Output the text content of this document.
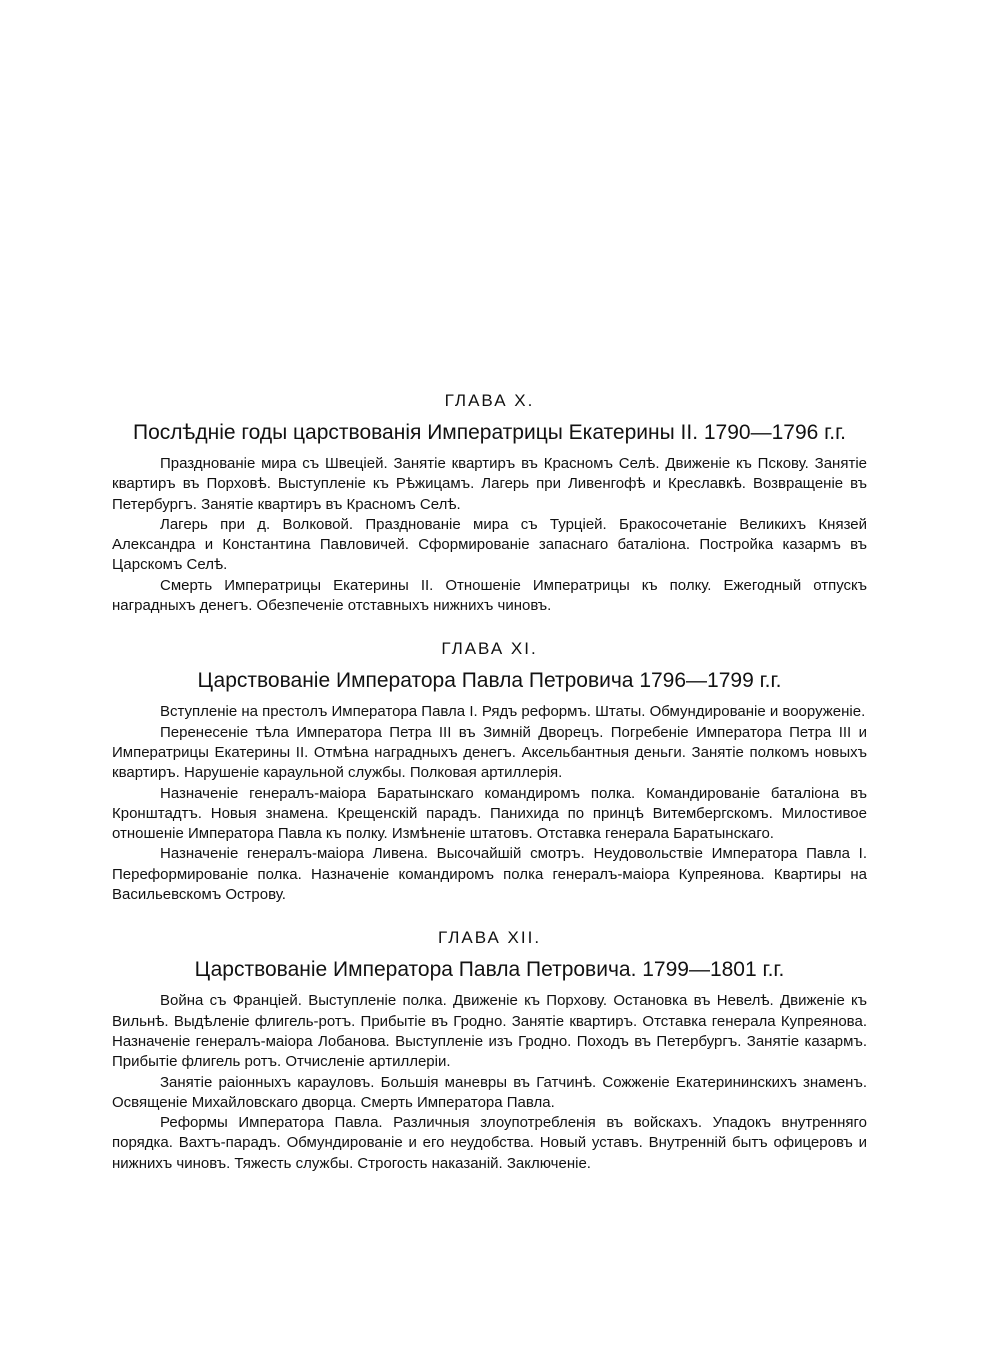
ГЛАВА X.
Послѣдніе годы царствованія Императрицы Екатерины II. 1790—1796 г.г.

Празднованіе мира съ Швеціей. Занятіе квартиръ въ Красномъ Селѣ. Движеніе къ Пскову. Занятіе квартиръ въ Порховѣ. Выступленіе къ Рѣжицамъ. Лагерь при Ливенгофѣ и Креславкѣ. Возвращеніе въ Петербургъ. Занятіе квартиръ въ Красномъ Селѣ.

Лагерь при д. Волковой. Празднованіе мира съ Турціей. Бракосочетаніе Великихъ Князей Александра и Константина Павловичей. Сформированіе запаснаго баталіона. Постройка казармъ въ Царскомъ Селѣ.

Смерть Императрицы Екатерины II. Отношеніе Императрицы къ полку. Ежегодный отпускъ наградныхъ денегъ. Обезпеченіе отставныхъ нижнихъ чиновъ.

ГЛАВА XI.
Царствованіе Императора Павла Петровича 1796—1799 г.г.

Вступленіе на престолъ Императора Павла I. Рядъ реформъ. Штаты. Обмундированіе и вооруженіе.

Перенесеніе тѣла Императора Петра III въ Зимній Дворецъ. Погребеніе Императора Петра III и Императрицы Екатерины II. Отмѣна наградныхъ денегъ. Аксельбантныя деньги. Занятіе полкомъ новыхъ квартиръ. Нарушеніе караульной службы. Полковая артиллерія.

Назначеніе генералъ-маіора Баратынскаго командиромъ полка. Командированіе баталіона въ Кронштадтъ. Новыя знамена. Крещенскій парадъ. Панихида по принцѣ Витембергскомъ. Милостивое отношеніе Императора Павла къ полку. Измѣненіе штатовъ. Отставка генерала Баратынскаго.

Назначеніе генералъ-маіора Ливена. Высочайшій смотръ. Неудовольствіе Императора Павла I. Переформированіе полка. Назначеніе командиромъ полка генералъ-маіора Купреянова. Квартиры на Васильевскомъ Острову.

ГЛАВА XII.
Царствованіе Императора Павла Петровича. 1799—1801 г.г.

Война съ Франціей. Выступленіе полка. Движеніе къ Порхову. Остановка въ Невелѣ. Движеніе къ Вильнѣ. Выдѣленіе флигель-ротъ. Прибытіе въ Гродно. Занятіе квартиръ. Отставка генерала Купреянова. Назначеніе генералъ-маіора Лобанова. Выступленіе изъ Гродно. Походъ въ Петербургъ. Занятіе казармъ. Прибытіе флигель ротъ. Отчисленіе артиллеріи.

Занятіе раіонныхъ карауловъ. Большія маневры въ Гатчинѣ. Сожженіе Екатерининскихъ знаменъ. Освященіе Михайловскаго дворца. Смерть Императора Павла.

Реформы Императора Павла. Различныя злоупотребленія въ войскахъ. Упадокъ внутренняго порядка. Вахтъ-парадъ. Обмундированіе и его неудобства. Новый уставъ. Внутренній бытъ офицеровъ и нижнихъ чиновъ. Тяжесть службы. Строгость наказаній. Заключеніе.
